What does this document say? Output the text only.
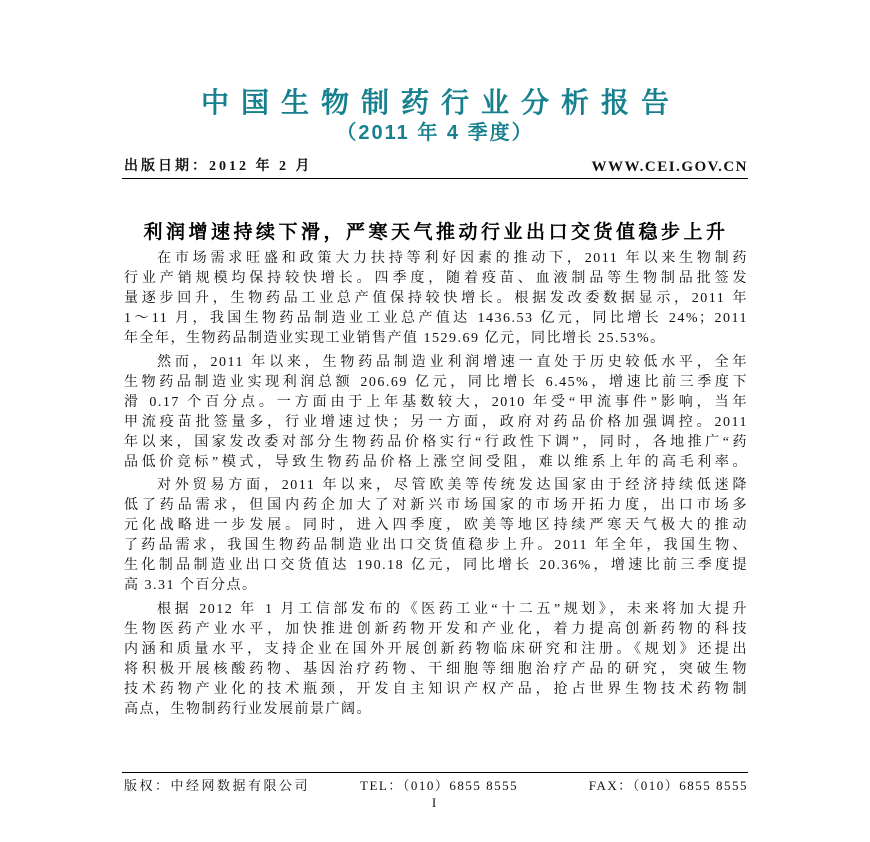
中国生物制药行业分析报告
（2011 年 4 季度）
出版日期：2012 年 2 月	WWW.CEI.GOV.CN
利润增速持续下滑，严寒天气推动行业出口交货值稳步上升
在市场需求旺盛和政策大力扶持等利好因素的推动下，2011 年以来生物制药
行业产销规模均保持较快增长。四季度，随着疫苗、血液制品等生物制品批签发
量逐步回升，生物药品工业总产值保持较快增长。根据发改委数据显示，2011 年
1～11 月，我国生物药品制造业工业总产值达 1436.53 亿元，同比增长 24%；2011
年全年，生物药品制造业实现工业销售产值 1529.69 亿元，同比增长 25.53%。
然而，2011 年以来，生物药品制造业利润增速一直处于历史较低水平，全年
生物药品制造业实现利润总额 206.69 亿元，同比增长 6.45%，增速比前三季度下
滑 0.17 个百分点。一方面由于上年基数较大，2010 年受“甲流事件”影响，当年
甲流疫苗批签量多，行业增速过快；另一方面，政府对药品价格加强调控。2011
年以来，国家发改委对部分生物药品价格实行“行政性下调”，同时，各地推广“药
品低价竞标”模式，导致生物药品价格上涨空间受阻，难以维系上年的高毛利率。
对外贸易方面，2011 年以来，尽管欧美等传统发达国家由于经济持续低迷降
低了药品需求，但国内药企加大了对新兴市场国家的市场开拓力度，出口市场多
元化战略进一步发展。同时，进入四季度，欧美等地区持续严寒天气极大的推动
了药品需求，我国生物药品制造业出口交货值稳步上升。2011 年全年，我国生物、
生化制品制造业出口交货值达 190.18 亿元，同比增长 20.36%，增速比前三季度提
高 3.31 个百分点。
根据 2012 年 1 月工信部发布的《医药工业“十二五”规划》，未来将加大提升
生物医药产业水平，加快推进创新药物开发和产业化，着力提高创新药物的科技
内涵和质量水平，支持企业在国外开展创新药物临床研究和注册。《规划》还提出
将积极开展核酸药物、基因治疗药物、干细胞等细胞治疗产品的研究，突破生物
技术药物产业化的技术瓶颈，开发自主知识产权产品，抢占世界生物技术药物制
高点，生物制药行业发展前景广阔。
版权：中经网数据有限公司	TEL：（010）6855 8555	FAX：（010）6855 8555
I
